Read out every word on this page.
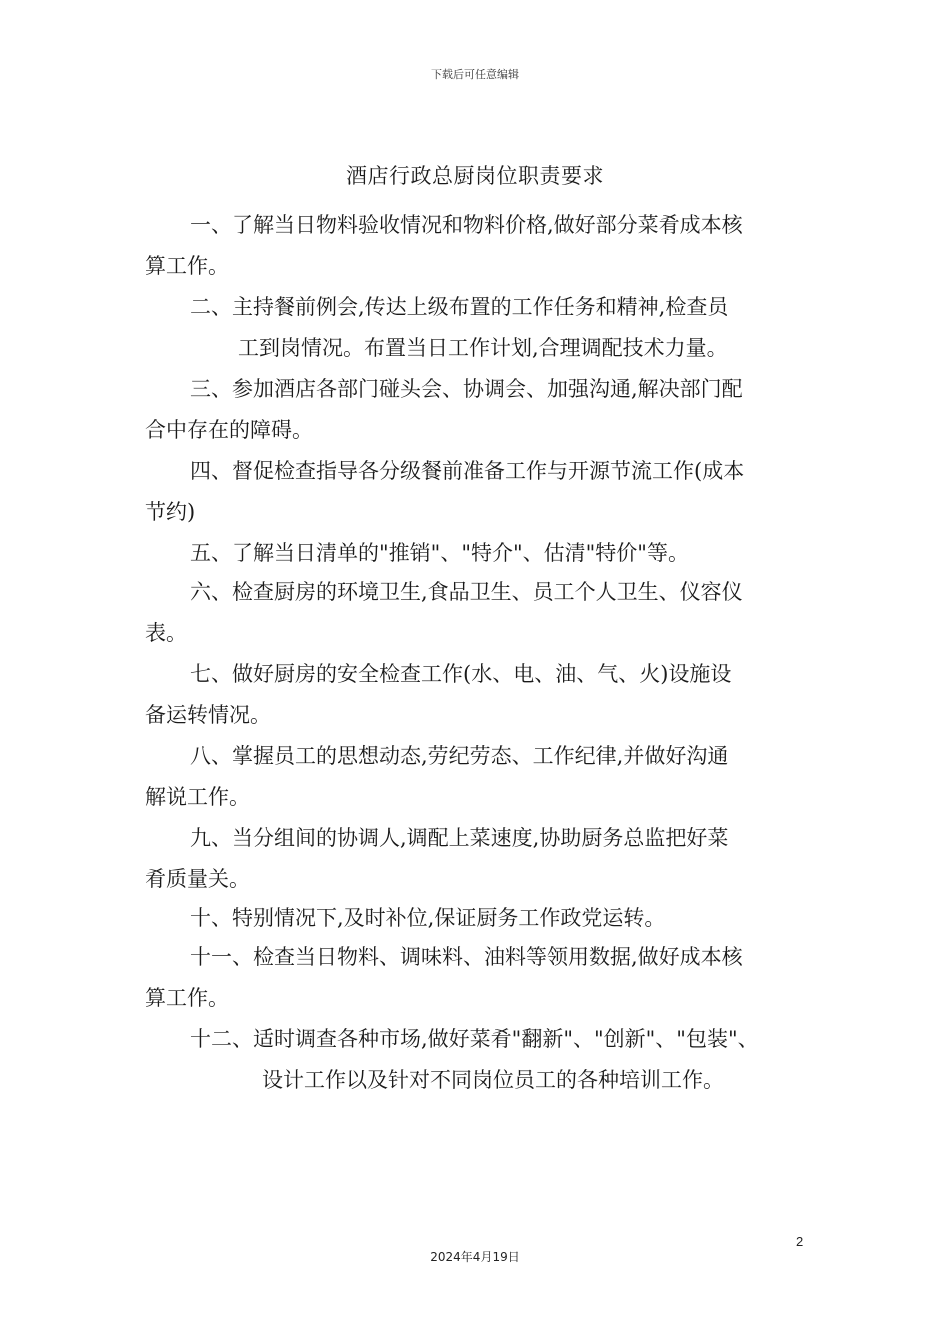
下载后可任意编辑
酒店行政总厨岗位职责要求
一、了解当日物料验收情况和物料价格,做好部分菜肴成本核
算工作。
二、主持餐前例会,传达上级布置的工作任务和精神,检查员
工到岗情况。布置当日工作计划,合理调配技术力量。
三、参加酒店各部门碰头会、协调会、加强沟通,解决部门配
合中存在的障碍。
四、督促检查指导各分级餐前准备工作与开源节流工作(成本
节约)
五、了解当日清单的"推销"、"特介"、估清"特价"等。
六、检查厨房的环境卫生,食品卫生、员工个人卫生、仪容仪
表。
七、做好厨房的安全检查工作(水、电、油、气、火)设施设
备运转情况。
八、掌握员工的思想动态,劳纪劳态、工作纪律,并做好沟通
解说工作。
九、当分组间的协调人,调配上菜速度,协助厨务总监把好菜
肴质量关。
十、特别情况下,及时补位,保证厨务工作政党运转。
十一、检查当日物料、调味料、油料等领用数据,做好成本核
算工作。
十二、适时调查各种市场,做好菜肴"翻新"、"创新"、"包装"、
设计工作以及针对不同岗位员工的各种培训工作。
2
2024年4月19日
